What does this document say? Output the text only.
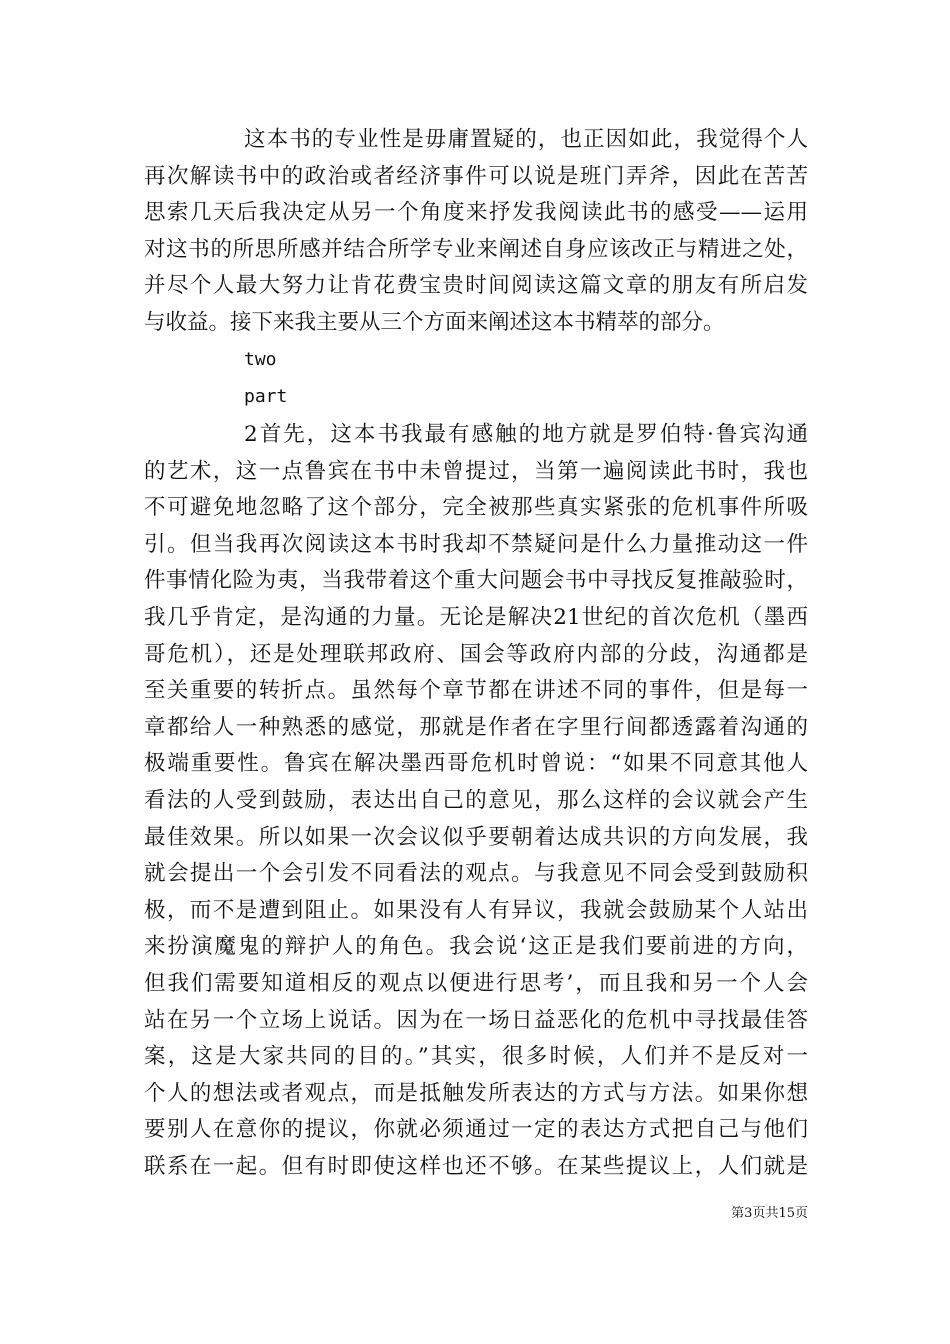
这本书的专业性是毋庸置疑的，也正因如此，我觉得个人
再次解读书中的政治或者经济事件可以说是班门弄斧，因此在苦苦
思索几天后我决定从另一个角度来抒发我阅读此书的感受——运用
对这书的所思所感并结合所学专业来阐述自身应该改正与精进之处，
并尽个人最大努力让肯花费宝贵时间阅读这篇文章的朋友有所启发
与收益。接下来我主要从三个方面来阐述这本书精萃的部分。
two
part
2首先，这本书我最有感触的地方就是罗伯特·鲁宾沟通
的艺术，这一点鲁宾在书中未曾提过，当第一遍阅读此书时，我也
不可避免地忽略了这个部分，完全被那些真实紧张的危机事件所吸
引。但当我再次阅读这本书时我却不禁疑问是什么力量推动这一件
件事情化险为夷，当我带着这个重大问题会书中寻找反复推敲验时，
我几乎肯定，是沟通的力量。无论是解决21世纪的首次危机（墨西
哥危机），还是处理联邦政府、国会等政府内部的分歧，沟通都是
至关重要的转折点。虽然每个章节都在讲述不同的事件，但是每一
章都给人一种熟悉的感觉，那就是作者在字里行间都透露着沟通的
极端重要性。鲁宾在解决墨西哥危机时曾说：“如果不同意其他人
看法的人受到鼓励，表达出自己的意见，那么这样的会议就会产生
最佳效果。所以如果一次会议似乎要朝着达成共识的方向发展，我
就会提出一个会引发不同看法的观点。与我意见不同会受到鼓励积
极，而不是遭到阻止。如果没有人有异议，我就会鼓励某个人站出
来扮演魔鬼的辩护人的角色。我会说‘这正是我们要前进的方向，
但我们需要知道相反的观点以便进行思考’，而且我和另一个人会
站在另一个立场上说话。因为在一场日益恶化的危机中寻找最佳答
案，这是大家共同的目的。”其实，很多时候，人们并不是反对一
个人的想法或者观点，而是抵触发所表达的方式与方法。如果你想
要别人在意你的提议，你就必须通过一定的表达方式把自己与他们
联系在一起。但有时即使这样也还不够。在某些提议上，人们就是
第3页共15页
